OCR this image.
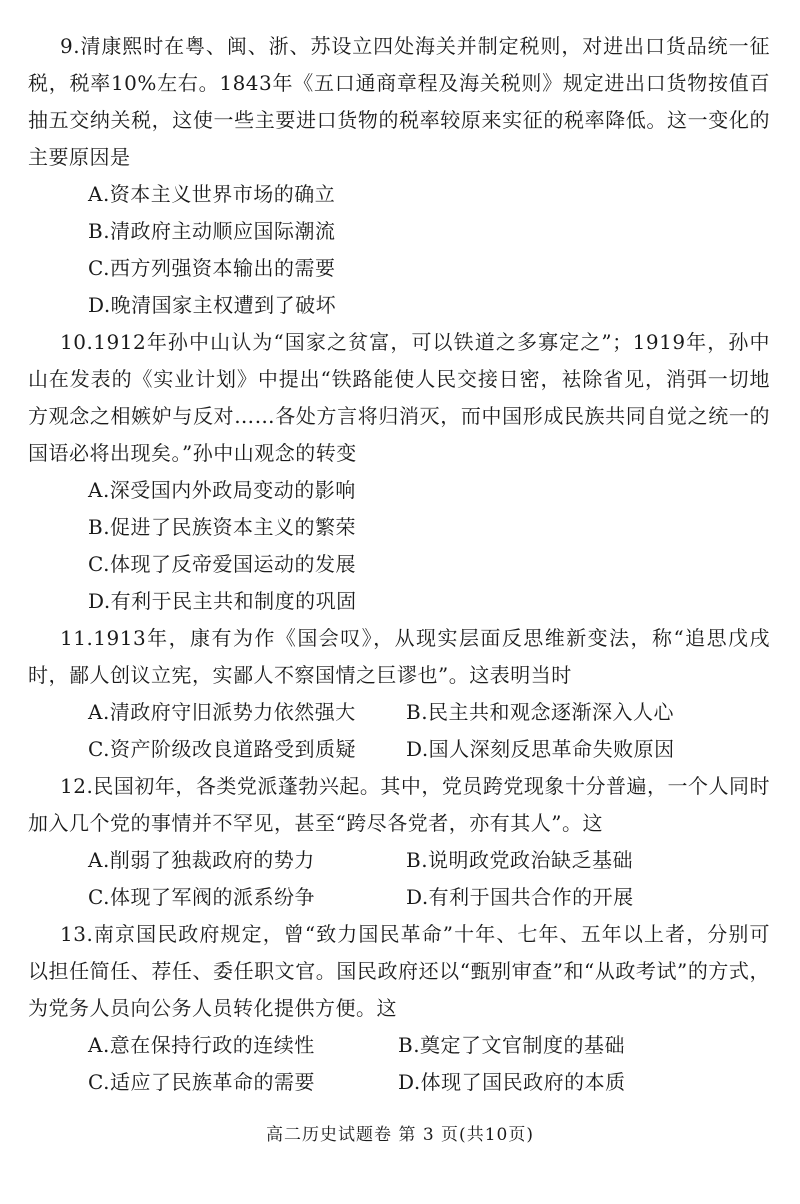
9.清康熙时在粤、闽、浙、苏设立四处海关并制定税则，对进出口货品统一征税，税率10%左右。1843年《五口通商章程及海关税则》规定进出口货物按值百抽五交纳关税，这使一些主要进口货物的税率较原来实征的税率降低。这一变化的主要原因是

A.资本主义世界市场的确立

B.清政府主动顺应国际潮流

C.西方列强资本输出的需要

D.晚清国家主权遭到了破坏

10.1912年孙中山认为“国家之贫富，可以铁道之多寡定之”；1919年，孙中山在发表的《实业计划》中提出“铁路能使人民交接日密，袪除省见，消弭一切地方观念之相嫉妒与反对……各处方言将归消灭，而中国形成民族共同自觉之统一的国语必将出现矣。”孙中山观念的转变

A.深受国内外政局变动的影响

B.促进了民族资本主义的繁荣

C.体现了反帝爱国运动的发展

D.有利于民主共和制度的巩固

11.1913年，康有为作《国会叹》，从现实层面反思维新变法，称“追思戊戌时，鄙人创议立宪，实鄙人不察国情之巨谬也”。这表明当时

A.清政府守旧派势力依然强大	B.民主共和观念逐渐深入人心

C.资产阶级改良道路受到质疑	D.国人深刻反思革命失败原因

12.民国初年，各类党派蓬勃兴起。其中，党员跨党现象十分普遍，一个人同时加入几个党的事情并不罕见，甚至“跨尽各党者，亦有其人”。这

A.削弱了独裁政府的势力	B.说明政党政治缺乏基础

C.体现了军阀的派系纷争	D.有利于国共合作的开展

13.南京国民政府规定，曾“致力国民革命”十年、七年、五年以上者，分别可以担任简任、荐任、委任职文官。国民政府还以“甄别审查”和“从政考试”的方式，为党务人员向公务人员转化提供方便。这

A.意在保持行政的连续性	B.奠定了文官制度的基础

C.适应了民族革命的需要	D.体现了国民政府的本质

高二历史试题卷 第 3 页(共10页)
